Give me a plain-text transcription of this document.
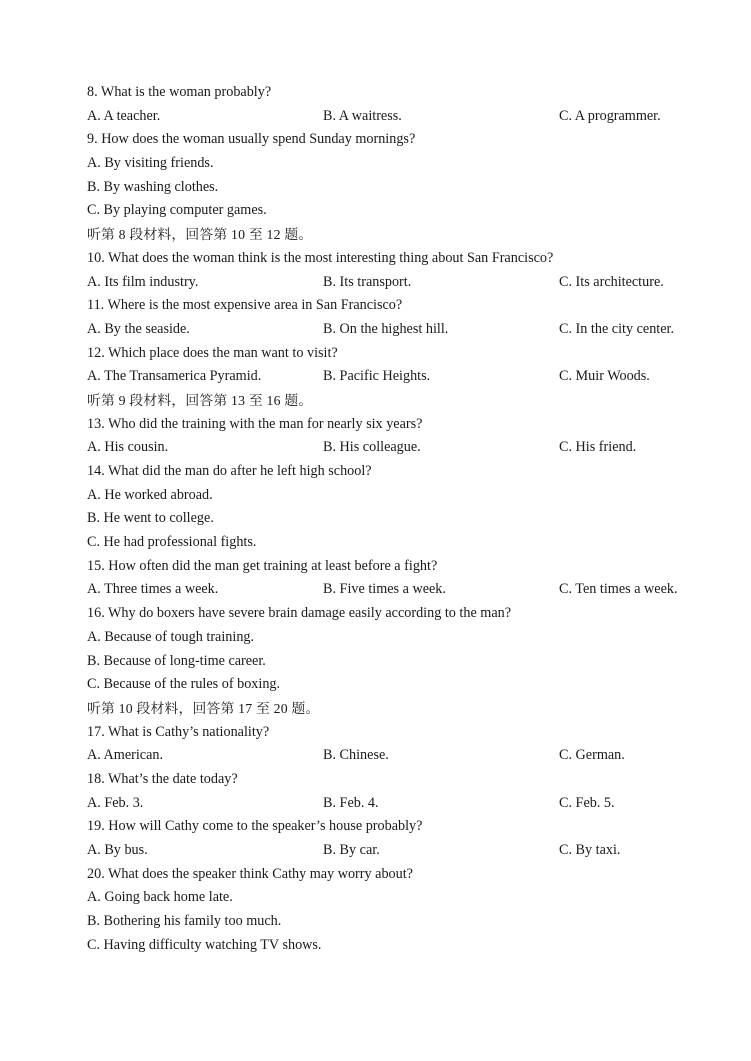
8. What is the woman probably?
A. A teacher.	B. A waitress.	C. A programmer.
9. How does the woman usually spend Sunday mornings?
A. By visiting friends.
B. By washing clothes.
C. By playing computer games.
听第 8 段材料，回答第 10 至 12 题。
10. What does the woman think is the most interesting thing about San Francisco?
A. Its film industry.	B. Its transport.	C. Its architecture.
11. Where is the most expensive area in San Francisco?
A. By the seaside.	B. On the highest hill.	C. In the city center.
12. Which place does the man want to visit?
A. The Transamerica Pyramid.	B. Pacific Heights.	C. Muir Woods.
听第 9 段材料，回答第 13 至 16 题。
13. Who did the training with the man for nearly six years?
A. His cousin.	B. His colleague.	C. His friend.
14. What did the man do after he left high school?
A. He worked abroad.
B. He went to college.
C. He had professional fights.
15. How often did the man get training at least before a fight?
A. Three times a week.	B. Five times a week.	C. Ten times a week.
16. Why do boxers have severe brain damage easily according to the man?
A. Because of tough training.
B. Because of long-time career.
C. Because of the rules of boxing.
听第 10 段材料，回答第 17 至 20 题。
17. What is Cathy’s nationality?
A. American.	B. Chinese.	C. German.
18. What’s the date today?
A. Feb. 3.	B. Feb. 4.	C. Feb. 5.
19. How will Cathy come to the speaker’s house probably?
A. By bus.	B. By car.	C. By taxi.
20. What does the speaker think Cathy may worry about?
A. Going back home late.
B. Bothering his family too much.
C. Having difficulty watching TV shows.
